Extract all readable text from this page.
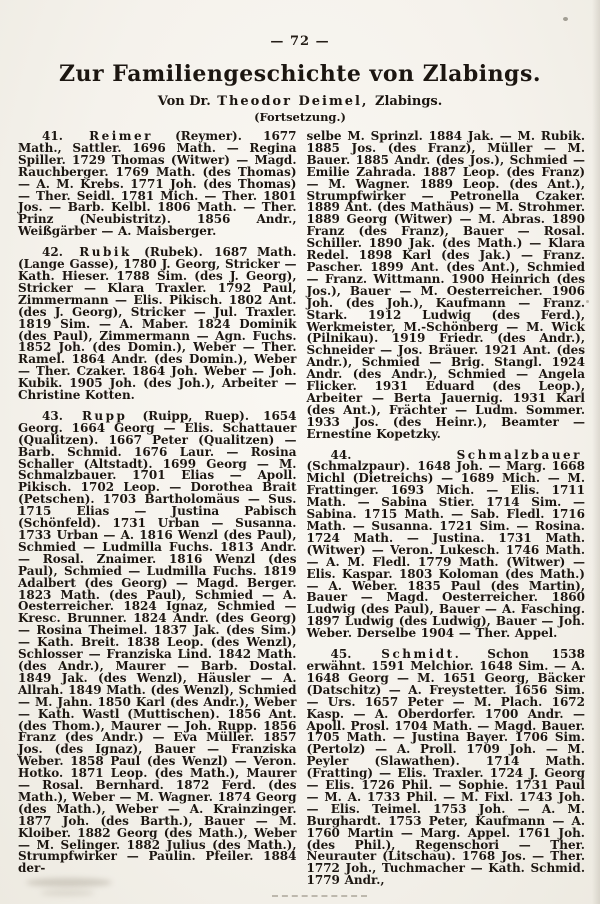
— 72 —
Zur Familiengeschichte von Zlabings.
Von Dr. Theodor Deimel, Zlabings.
(Fortsetzung.)

41. Reimer (Reymer). 1677 Math., Sattler. 1696 Math. — Regina Spiller. 1729 Thomas (Witwer) — Magd. Rauchberger. 1769 Math. (des Thomas) — A. M. Krebs. 1771 Joh. (des Thomas) — Ther. Seidl. 1781 Mich. — Ther. 1801 Jos. — Barb. Kelbl. 1806 Math. — Ther. Prinz (Neubistritz). 1856 Andr., Weißgärber — A. Maisberger.

42. Rubik (Rubek). 1687 Math. (Lange Gasse), 1780 J. Georg, Stricker — Kath. Hieser. 1788 Sim. (des J. Georg), Stricker — Klara Traxler. 1792 Paul, Zimmermann — Elis. Pikisch. 1802 Ant. (des J. Georg), Stricker — Jul. Traxler. 1819 Sim. — A. Maber. 1824 Dominik (des Paul), Zimmermann — Agn. Fuchs. 1852 Joh. (des Domin.), Weber — Ther. Ramel. 1864 Andr. (des Domin.), Weber — Ther. Czaker. 1864 Joh. Weber — Joh. Kubik. 1905 Joh. (des Joh.), Arbeiter — Christine Kotten.

43. Rupp (Ruipp, Ruep). 1654 Georg. 1664 Georg — Elis. Schattauer (Qualitzen). 1667 Peter (Qualitzen) — Barb. Schmid. 1676 Laur. — Rosina Schaller (Altstadt). 1699 Georg — M. Schmalzbauer. 1701 Elias — Apoll. Pikisch. 1702 Leop. — Dorothea Brait (Petschen). 1703 Bartholomäus — Sus. 1715 Elias — Justina Pabisch (Schönfeld). 1731 Urban — Susanna. 1733 Urban — A. 1816 Wenzl (des Paul), Schmied — Ludmilla Fuchs. 1813 Andr. — Rosal. Znaimer. 1816 Wenzl (des Paul), Schmied — Ludmilla Fuchs. 1819 Adalbert (des Georg) — Magd. Berger. 1823 Math. (des Paul), Schmied — A. Oesterreicher. 1824 Ignaz, Schmied — Kresc. Brunner. 1824 Andr. (des Georg) — Rosina Theimel. 1837 Jak. (des Sim.) — Kath. Breit. 1838 Leop. (des Wenzl), Schlosser — Franziska Lind. 1842 Math. (des Andr.), Maurer — Barb. Dostal. 1849 Jak. (des Wenzl), Häusler — A. Allrah. 1849 Math. (des Wenzl), Schmied — M. Jahn. 1850 Karl (des Andr.), Weber — Kath. Wastl (Muttischen). 1856 Ant. (des Thom.), Maurer — Joh. Rupp. 1856 Franz (des Andr.) — Eva Müller. 1857 Jos. (des Ignaz), Bauer — Franziska Weber. 1858 Paul (des Wenzl) — Veron. Hotko. 1871 Leop. (des Math.), Maurer — Rosal. Bernhard. 1872 Ferd. (des Math.), Weber — M. Wagner. 1874 Georg (des Math.), Weber — A. Krainzinger. 1877 Joh. (des Barth.), Bauer — M. Kloiber. 1882 Georg (des Math.), Weber — M. Selinger. 1882 Julius (des Math.), Strumpfwirker — Paulin. Pfeiler. 1884 der-

selbe M. Sprinzl. 1884 Jak. — M. Rubik. 1885 Jos. (des Franz), Müller — M. Bauer. 1885 Andr. (des Jos.), Schmied — Emilie Zahrada. 1887 Leop. (des Franz) — M. Wagner. 1889 Leop. (des Ant.), Strumpfwirker — Petronella Czaker. 1889 Ant. (des Mathäus) — M. Strohmer. 1889 Georg (Witwer) — M. Abras. 1890 Franz (des Franz), Bauer — Rosal. Schiller. 1890 Jak. (des Math.) — Klara Redel. 1898 Karl (des Jak.) — Franz. Pascher. 1899 Ant. (des Ant.), Schmied — Franz. Wittmann. 1900 Heinrich (des Jos.), Bauer — M. Oesterreicher. 1906 Joh. (des Joh.), Kaufmann — Franz. Stark. 1912 Ludwig (des Ferd.), Werkmeister, M.-Schönberg — M. Wick (Pilnikau). 1919 Friedr. (des Andr.), Schneider — Jos. Bräuer. 1921 Ant. (des Andr.), Schmied — Brig. Stangl. 1924 Andr. (des Andr.), Schmied — Angela Flicker. 1931 Eduard (des Leop.), Arbeiter — Berta Jauernig. 1931 Karl (des Ant.), Frächter — Ludm. Sommer. 1933 Jos. (des Heinr.), Beamter — Ernestine Kopetzky.

44.	Schmalzbauer (Schmalzpaur). 1648 Joh. — Marg. 1668 Michl (Dietreichs) — 1689 Mich. — M. Frattinger. 1693 Mich. — Elis. 1711 Math. — Sabina Stier. 1714 Sim. — Sabina. 1715 Math. — Sab. Fledl. 1716 Math. — Susanna. 1721 Sim. — Rosina. 1724 Math. — Justina. 1731 Math. (Witwer) — Veron. Lukesch. 1746 Math. — A. M. Fledl. 1779 Math. (Witwer) — Elis. Kaspar. 1803 Koloman (des Math.) — A. Weber. 1835 Paul (des Martin), Bauer — Magd. Oesterreicher. 1860 Ludwig (des Paul), Bauer — A. Fasching. 1897 Ludwig (des Ludwig), Bauer — Joh. Weber. Derselbe 1904 — Ther. Appel.

45. Schmidt. Schon 1538 erwähnt. 1591 Melchior. 1648 Sim. — A. 1648 Georg — M. 1651 Georg, Bäcker (Datschitz) — A. Freystetter. 1656 Sim. — Urs. 1657 Peter — M. Plach. 1672 Kasp. — A. Oberdorfer. 1700 Andr. — Apoll. Prosl. 1704 Math. — Magd. Bauer. 1705 Math. — Justina Bayer. 1706 Sim. (Pertolz) — A. Proll. 1709 Joh. — M. Peyler (Slawathen). 1714 Math. (Fratting) — Elis. Traxler. 1724 J. Georg — Elis. 1726 Phil. — Sophie. 1731 Paul — M. A. 1733 Phil. — M. Fixl. 1743 Joh. — Elis. Teimel. 1753 Joh. — A. M. Burghardt. 1753 Peter, Kaufmann — A. 1760 Martin — Marg. Appel. 1761 Joh. (des Phil.), Regenschori — Ther. Neurauter (Litschau). 1768 Jos. — Ther. 1772 Joh., Tuchmacher — Kath. Schmid. 1779 Andr.,
